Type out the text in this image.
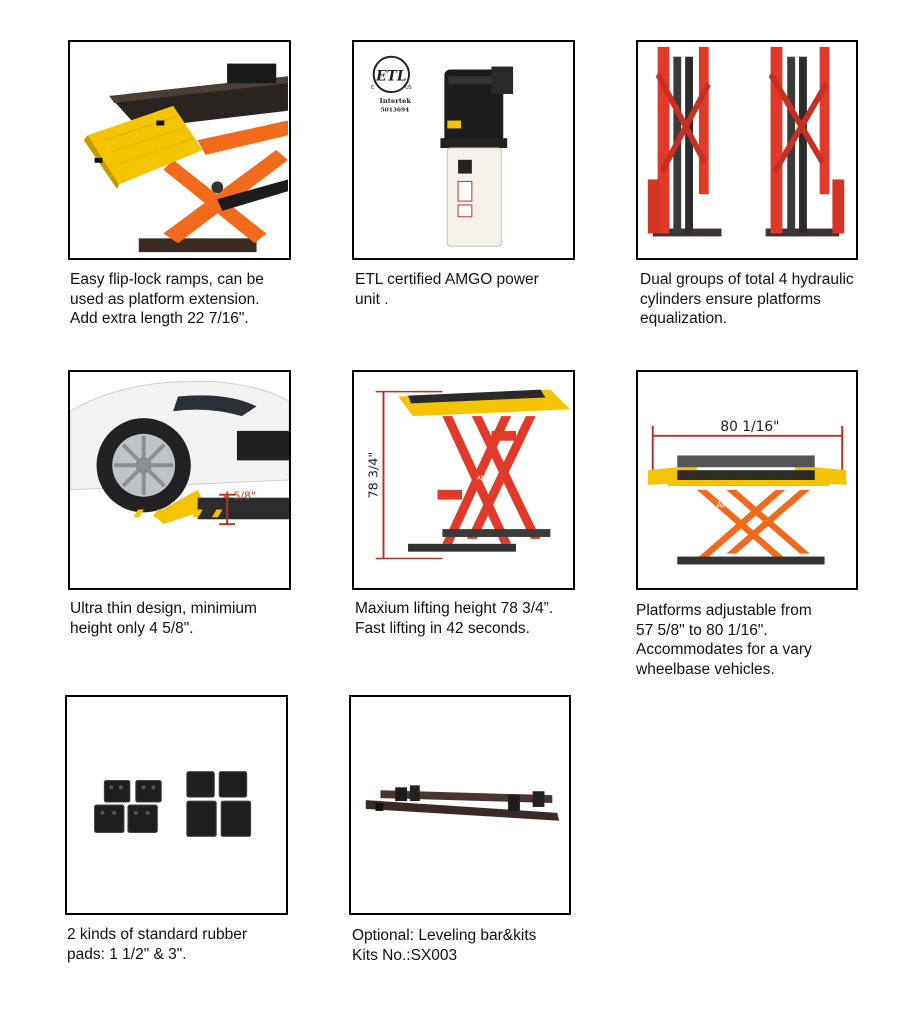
Easy flip-lock ramps, can be
used as platform extension.
Add extra length 22 7/16".
ETL
C	US
Intertek
5013694
ETL certified AMGO power
unit .
Dual groups of total 4 hydraulic
cylinders ensure platforms
equalization.
4 5/8"
Ultra thin design, minimium
height only 4 5/8".
78 3/4"	AMGO
Maxium lifting height 78 3/4”.
Fast lifting in 42 seconds.
80 1/16"
AMGO
Platforms adjustable from
57 5/8" to 80 1/16".
Accommodates for a vary
wheelbase vehicles.
2 kinds of standard rubber
pads: 1 1/2" & 3".
Optional: Leveling bar&kits
Kits No.:SX003
